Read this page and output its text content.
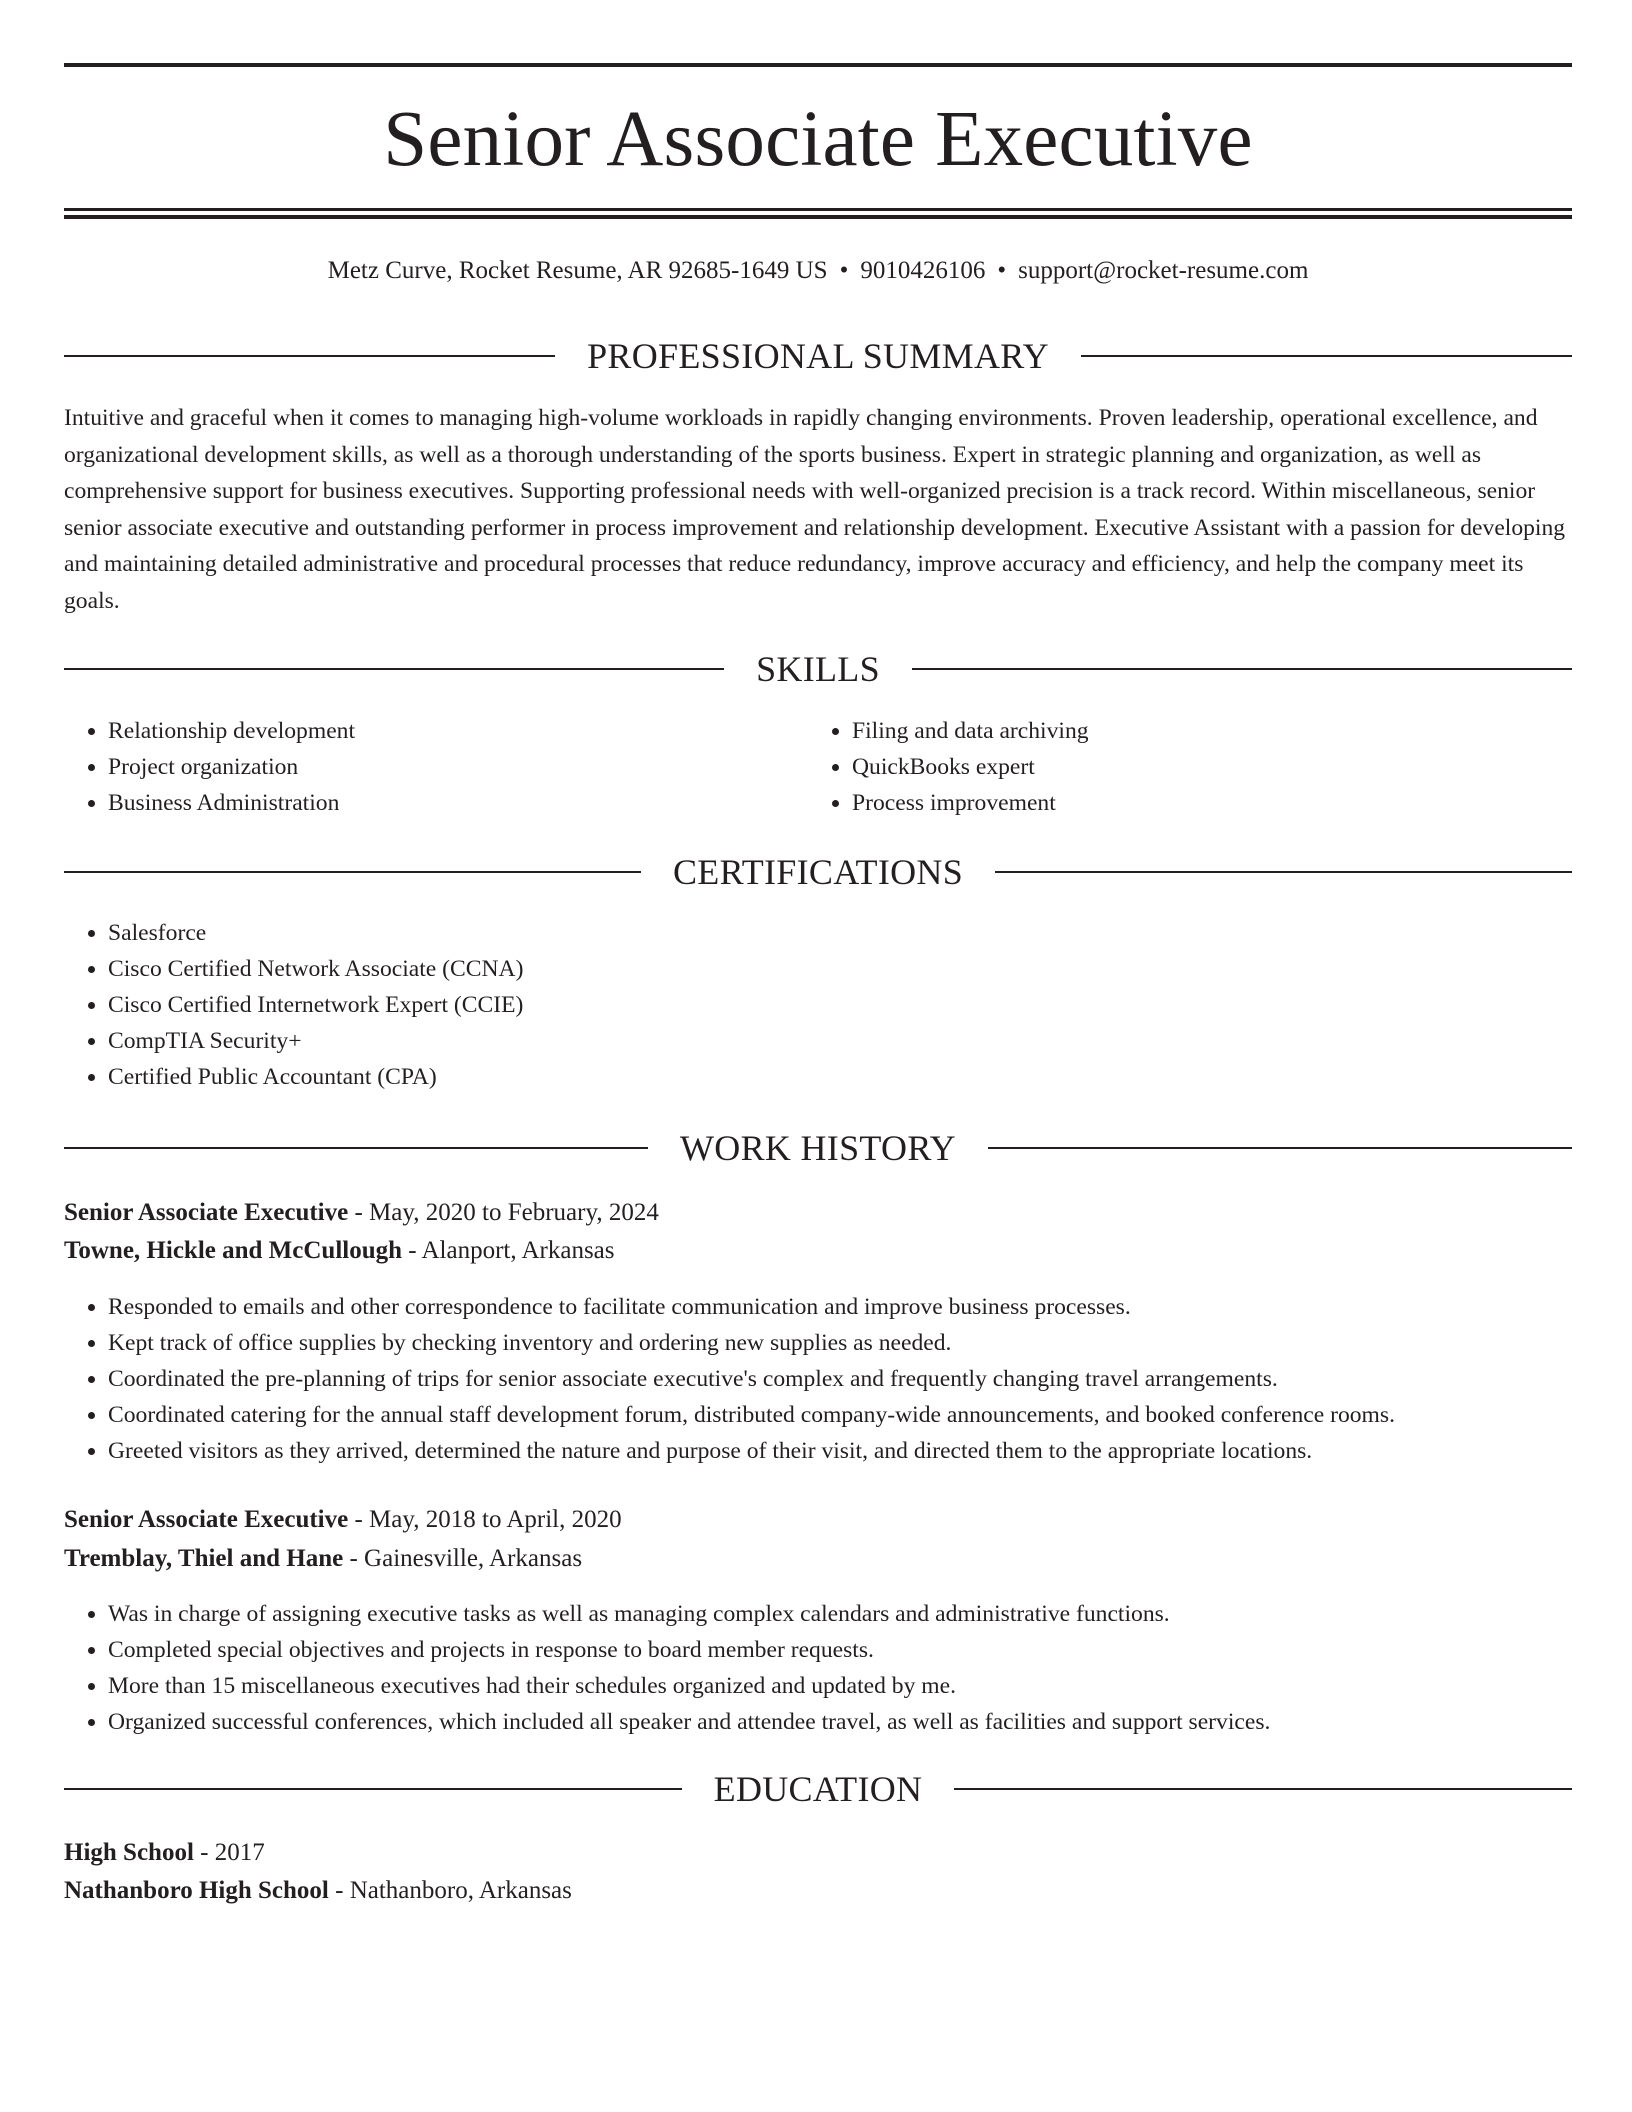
Senior Associate Executive
Metz Curve, Rocket Resume, AR 92685-1649 US • 9010426106 • support@rocket-resume.com
PROFESSIONAL SUMMARY

Intuitive and graceful when it comes to managing high-volume workloads in rapidly changing environments. Proven leadership, operational excellence, and organizational development skills, as well as a thorough understanding of the sports business. Expert in strategic planning and organization, as well as comprehensive support for business executives. Supporting professional needs with well-organized precision is a track record. Within miscellaneous, senior senior associate executive and outstanding performer in process improvement and relationship development. Executive Assistant with a passion for developing and maintaining detailed administrative and procedural processes that reduce redundancy, improve accuracy and efficiency, and help the company meet its goals.

SKILLS
• Relationship development
• Project organization
• Business Administration
• Filing and data archiving
• QuickBooks expert
• Process improvement
CERTIFICATIONS
• Salesforce
• Cisco Certified Network Associate (CCNA)
• Cisco Certified Internetwork Expert (CCIE)
• CompTIA Security+
• Certified Public Accountant (CPA)
WORK HISTORY
Senior Associate Executive - May, 2020 to February, 2024
Towne, Hickle and McCullough - Alanport, Arkansas
• Responded to emails and other correspondence to facilitate communication and improve business processes.
• Kept track of office supplies by checking inventory and ordering new supplies as needed.
• Coordinated the pre-planning of trips for senior associate executive's complex and frequently changing travel arrangements.
• Coordinated catering for the annual staff development forum, distributed company-wide announcements, and booked conference rooms.
• Greeted visitors as they arrived, determined the nature and purpose of their visit, and directed them to the appropriate locations.
Senior Associate Executive - May, 2018 to April, 2020
Tremblay, Thiel and Hane - Gainesville, Arkansas
• Was in charge of assigning executive tasks as well as managing complex calendars and administrative functions.
• Completed special objectives and projects in response to board member requests.
• More than 15 miscellaneous executives had their schedules organized and updated by me.
• Organized successful conferences, which included all speaker and attendee travel, as well as facilities and support services.
EDUCATION
High School - 2017
Nathanboro High School - Nathanboro, Arkansas
